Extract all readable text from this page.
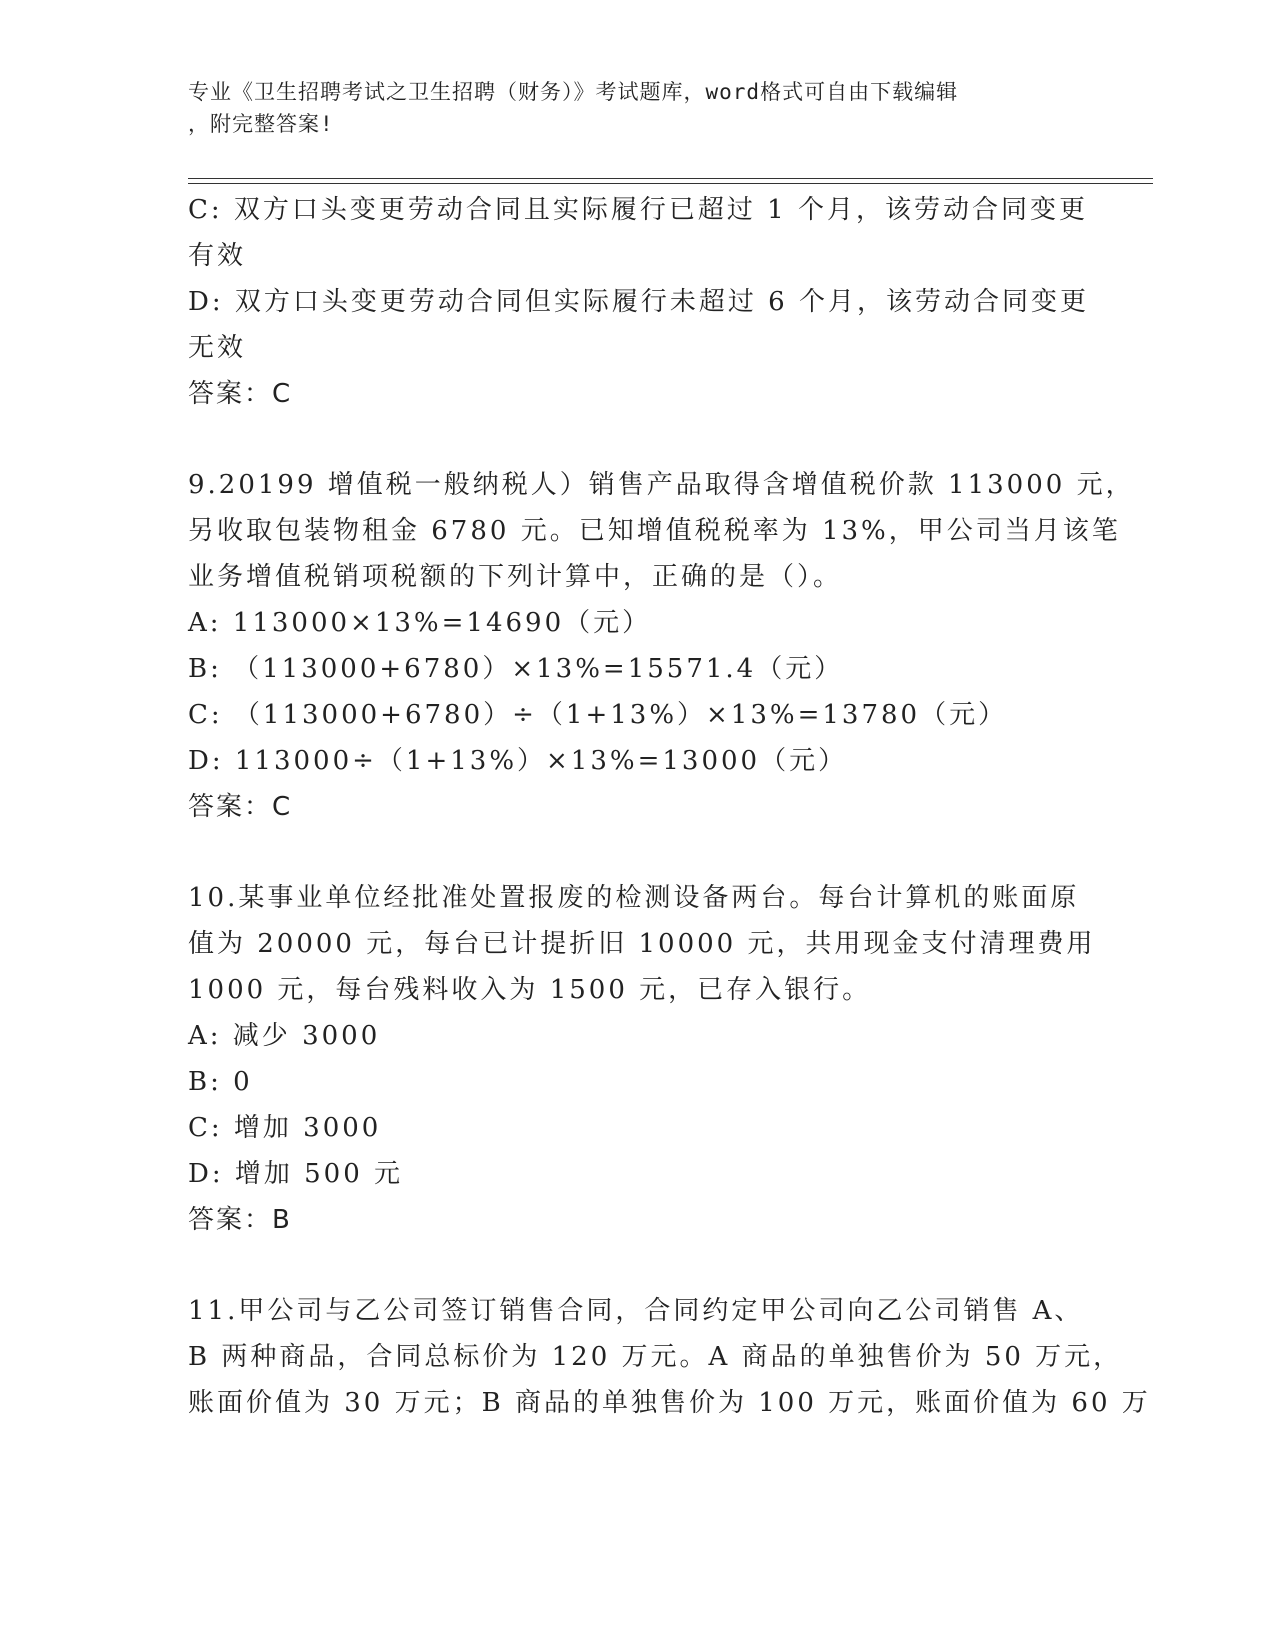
专业《卫生招聘考试之卫生招聘（财务）》考试题库，word格式可自由下载编辑
，附完整答案!
C: 双方口头变更劳动合同且实际履行已超过 1 个月，该劳动合同变更
有效
D: 双方口头变更劳动合同但实际履行未超过 6 个月，该劳动合同变更
无效
答案：C
9.20199 增值税一般纳税人）销售产品取得含增值税价款 113000 元，
另收取包装物租金 6780 元。已知增值税税率为 13%，甲公司当月该笔
业务增值税销项税额的下列计算中，正确的是（）。
A: 113000×13%=14690（元）
B: （113000+6780）×13%=15571.4（元）
C: （113000+6780）÷（1+13%）×13%=13780（元）
D: 113000÷（1+13%）×13%=13000（元）
答案：C
10.某事业单位经批准处置报废的检测设备两台。每台计算机的账面原
值为 20000 元，每台已计提折旧 10000 元，共用现金支付清理费用
1000 元，每台残料收入为 1500 元，已存入银行。
A: 减少 3000
B: 0
C: 增加 3000
D: 增加 500 元
答案：B
11.甲公司与乙公司签订销售合同，合同约定甲公司向乙公司销售 A、
B 两种商品，合同总标价为 120 万元。A 商品的单独售价为 50 万元，
账面价值为 30 万元；B 商品的单独售价为 100 万元，账面价值为 60 万
